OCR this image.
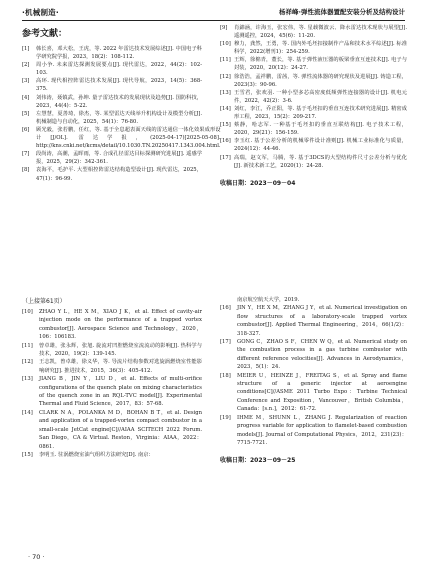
·机械制造·	杨祥峰·弹性流体器置配安装分析及结构设计
参考文献：
[1]	韩长喜，邓大松，王虎，等. 2022 年雷达技术发展综述[J]. 中国电子科学研究院学报，2023，18(2)：108-112.
[2]	周小争. 未来雷达探测发展要点[J]. 现代雷达，2022，44(2)：102-103.
[3]	高环. 现代相控阵雷达技术发展[J]. 现代导航，2023，14(5)：368-375.
[4]	刘伟涛，聂镇武，孙坤. 量子雷达技术的发展现状及趋势[J]. 国防科技，2023，44(4)：5-22.
[5]	左慧慧，夏善琦，徐杰，等. 某型雷达天线举升机构设计及模型分析[J]. 机械制造与自动化，2025，54(1)：76-80.
[6]	顾光毅，张若鹏，任红，等. 基于全息超表面天线的雷达通信一体化效果成形设计[J/OL]. 雷达学报，(2025-04-17)[2025-05-08]. http://kns.cnki.net/kcms/detail/10.1030.TN.20250417.1343.004.html.
[7]	段尚涛，高潮，孟晖雨，等. 合成孔径雷达目标探测研究进展[J]. 遥感学报，2025，29(2)：342-361.
[8]	袁海平，毛护平. 大型相控阵雷达结构造型设计[J]. 现代雷达，2025，47(1)：96-99.
[9]	肖錦涵，许海玉，张宏伟，等. 星载微波云、降水雷达技术现状与展望[J]. 遥测遥控，2024，45(6)：11-20.
[10] 穆力，龚然，王勇，等. 国内外毛坯扣接制作产品和技术水平综述[J]. 标准科学，2022(增刊1)：254-259.
[11] 王辉，徐棉青，董长，等. 基于弹性液压器的板梁垂直互连技术[J]. 电子与封装，2020，20(12)：24-27.
[12] 徐浩浩，孟祥鹏，雷茜，等. 弹性流体器的研究现状及进展[J]. 铸造工程，2023(3)：90-96.
[13] 王雪君，张欢羽. 一种小型多芯高密度低频弹性连接器的设计[J]. 机电元件，2022，42(2)：3-6.
[14] 刘红，李江，乔正阳，等. 基于毛坯扣的垂直互连技术研究进展[J]. 精密成形工程，2023，15(2)：209-217.
[15] 蔡静，哈志军. 一种基于毛坯扣的垂直互联结构[J]. 电子技术工程，2020，29(21)：156-159.
[16] 李玉红. 基于公差分析的机械零件设计准则[J]. 机械工业标准化与质量，2024(12)：44-46.
[17] 高瑞，赵文军，马腾，等. 基于3DCS的大型结构件尺寸公差分析与优化[J]. 新技术新工艺，2020(1)：24-28.
收稿日期：2023－09－04
（上接第61页）
[10]	ZHAO Y L，HE X M，XIAO J K，et al. Effect of cavity-air injection mode on the performance of a trapped vortex combustor[J]. Aerospace Science and Technology，2020，106：106183.
[11]	曾卓雄，张永辉，张旭. 旋流对凹腔燃烧室流流动的影响[J]. 热科学与技术，2020，19(2)：139-145.
[12]	王志凯，曾卓雄，徐义华，等. 导流片结构参数对选旋涡燃烧室性能影响研究[J]. 推进技术，2015，36(3)：405-412.
[13]	JIANG B，JIN Y，LIU D，et al. Effects of multi-orifice configurations of the quench plate on mixing characteristics of the quench zone in an RQL-TVC model[J]. Experimental Thermal and Fluid Science，2017，83：57-68.
[14]	CLARK N A，POLANKA M D，BOHAN B T，et al. Design and application of a trapped-vortex compact combustor in a small-scale JetCat engine[C]//AIAA SCITECH 2022 Forum. San Diego，CA & Virtual. Reston，Virginia：AIAA，2022：0861.
[15]	李明玉. 驻涡燃烧室油气组织方法研究[D]. 南京：
南京航空航天大学，2019.
[16]	JIN Y，HE X M，ZHANG J Y，et al. Numerical investigation on flow structures of a laboratory-scale trapped vortex combustor[J]. Applied Thermal Engineering，2014，66(1/2)：318-327.
[17]	GONG C，ZHAO S F，CHEN W Q，et al. Numerical study on the combustion process in a gas turbine combustor with different reference velocities[J]. Advances in Aerodynamics，2023，5(1)：24.
[18]	MEIER U，HEINZE J，FREITAG S，et al. Spray and flame structure of a generic injector at aeroengine conditions[C]//ASME 2011 Turbo Expo：Turbine Technical Conference and Exposition，Vancouver，British Columbia，Canada：[s.n.]，2012：61-72.
[19]	IHME M，SHUNN L，ZHANG J. Regularization of reaction progress variable for application to flamelet-based combustion models[J]. Journal of Computational Physics，2012，231(23)：7715-7721.
收稿日期：2023－09－25
· 70 ·
